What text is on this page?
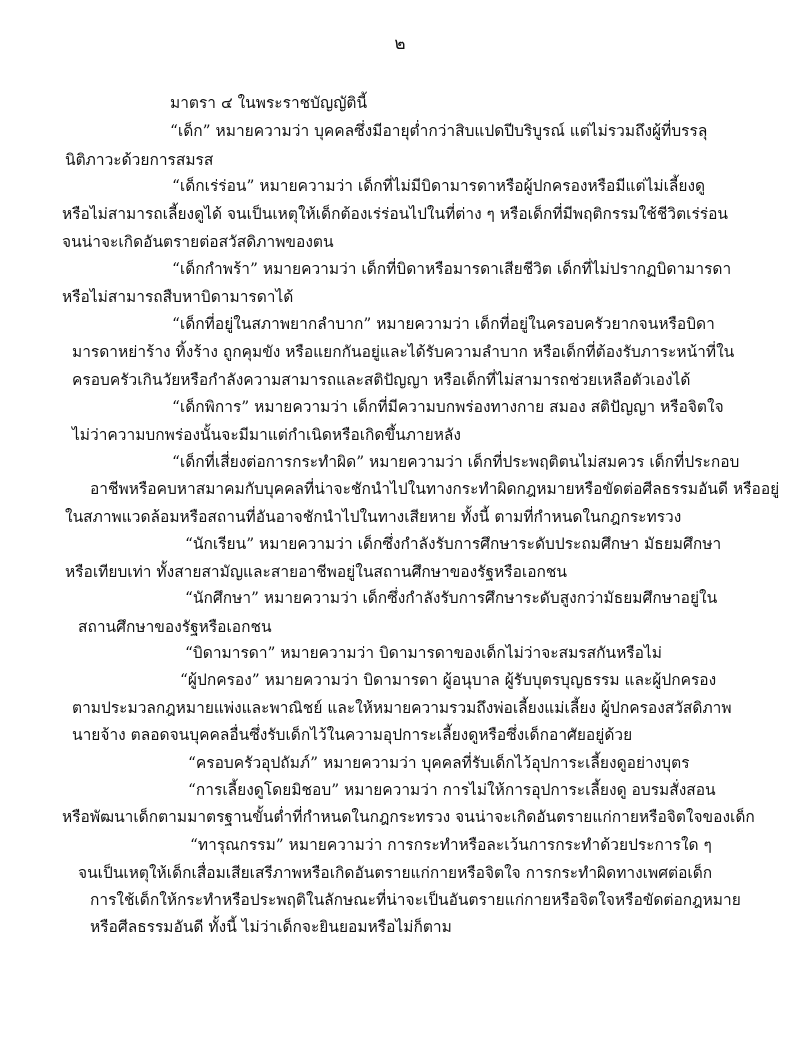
๒
มาตรา ๔ ในพระราชบัญญัตินี้
“เด็ก” หมายความว่า บุคคลซึ่งมีอายุต่ำกว่าสิบแปดปีบริบูรณ์ แต่ไม่รวมถึงผู้ที่บรรลุ
นิติภาวะด้วยการสมรส
“เด็กเร่ร่อน” หมายความว่า เด็กที่ไม่มีบิดามารดาหรือผู้ปกครองหรือมีแต่ไม่เลี้ยงดู
หรือไม่สามารถเลี้ยงดูได้ จนเป็นเหตุให้เด็กต้องเร่ร่อนไปในที่ต่าง ๆ หรือเด็กที่มีพฤติกรรมใช้ชีวิตเร่ร่อน
จนน่าจะเกิดอันตรายต่อสวัสดิภาพของตน
“เด็กกำพร้า” หมายความว่า เด็กที่บิดาหรือมารดาเสียชีวิต เด็กที่ไม่ปรากฏบิดามารดา
หรือไม่สามารถสืบหาบิดามารดาได้
“เด็กที่อยู่ในสภาพยากลำบาก” หมายความว่า เด็กที่อยู่ในครอบครัวยากจนหรือบิดา
มารดาหย่าร้าง ทิ้งร้าง ถูกคุมขัง หรือแยกกันอยู่และได้รับความลำบาก หรือเด็กที่ต้องรับภาระหน้าที่ใน
ครอบครัวเกินวัยหรือกำลังความสามารถและสติปัญญา หรือเด็กที่ไม่สามารถช่วยเหลือตัวเองได้
“เด็กพิการ” หมายความว่า เด็กที่มีความบกพร่องทางกาย สมอง สติปัญญา หรือจิตใจ
ไม่ว่าความบกพร่องนั้นจะมีมาแต่กำเนิดหรือเกิดขึ้นภายหลัง
“เด็กที่เสี่ยงต่อการกระทำผิด” หมายความว่า เด็กที่ประพฤติตนไม่สมควร เด็กที่ประกอบ
อาชีพหรือคบหาสมาคมกับบุคคลที่น่าจะชักนำไปในทางกระทำผิดกฎหมายหรือขัดต่อศีลธรรมอันดี หรืออยู่
ในสภาพแวดล้อมหรือสถานที่อันอาจชักนำไปในทางเสียหาย ทั้งนี้ ตามที่กำหนดในกฎกระทรวง
“นักเรียน” หมายความว่า เด็กซึ่งกำลังรับการศึกษาระดับประถมศึกษา มัธยมศึกษา
หรือเทียบเท่า ทั้งสายสามัญและสายอาชีพอยู่ในสถานศึกษาของรัฐหรือเอกชน
“นักศึกษา” หมายความว่า เด็กซึ่งกำลังรับการศึกษาระดับสูงกว่ามัธยมศึกษาอยู่ใน
สถานศึกษาของรัฐหรือเอกชน
“บิดามารดา” หมายความว่า บิดามารดาของเด็กไม่ว่าจะสมรสกันหรือไม่
“ผู้ปกครอง” หมายความว่า บิดามารดา ผู้อนุบาล ผู้รับบุตรบุญธรรม และผู้ปกครอง
ตามประมวลกฎหมายแพ่งและพาณิชย์ และให้หมายความรวมถึงพ่อเลี้ยงแม่เลี้ยง ผู้ปกครองสวัสดิภาพ
นายจ้าง ตลอดจนบุคคลอื่นซึ่งรับเด็กไว้ในความอุปการะเลี้ยงดูหรือซึ่งเด็กอาศัยอยู่ด้วย
“ครอบครัวอุปถัมภ์” หมายความว่า บุคคลที่รับเด็กไว้อุปการะเลี้ยงดูอย่างบุตร
“การเลี้ยงดูโดยมิชอบ” หมายความว่า การไม่ให้การอุปการะเลี้ยงดู อบรมสั่งสอน
หรือพัฒนาเด็กตามมาตรฐานขั้นต่ำที่กำหนดในกฎกระทรวง จนน่าจะเกิดอันตรายแก่กายหรือจิตใจของเด็ก
“ทารุณกรรม” หมายความว่า การกระทำหรือละเว้นการกระทำด้วยประการใด ๆ
จนเป็นเหตุให้เด็กเสื่อมเสียเสรีภาพหรือเกิดอันตรายแก่กายหรือจิตใจ การกระทำผิดทางเพศต่อเด็ก
การใช้เด็กให้กระทำหรือประพฤติในลักษณะที่น่าจะเป็นอันตรายแก่กายหรือจิตใจหรือขัดต่อกฎหมาย
หรือศีลธรรมอันดี ทั้งนี้ ไม่ว่าเด็กจะยินยอมหรือไม่ก็ตาม
